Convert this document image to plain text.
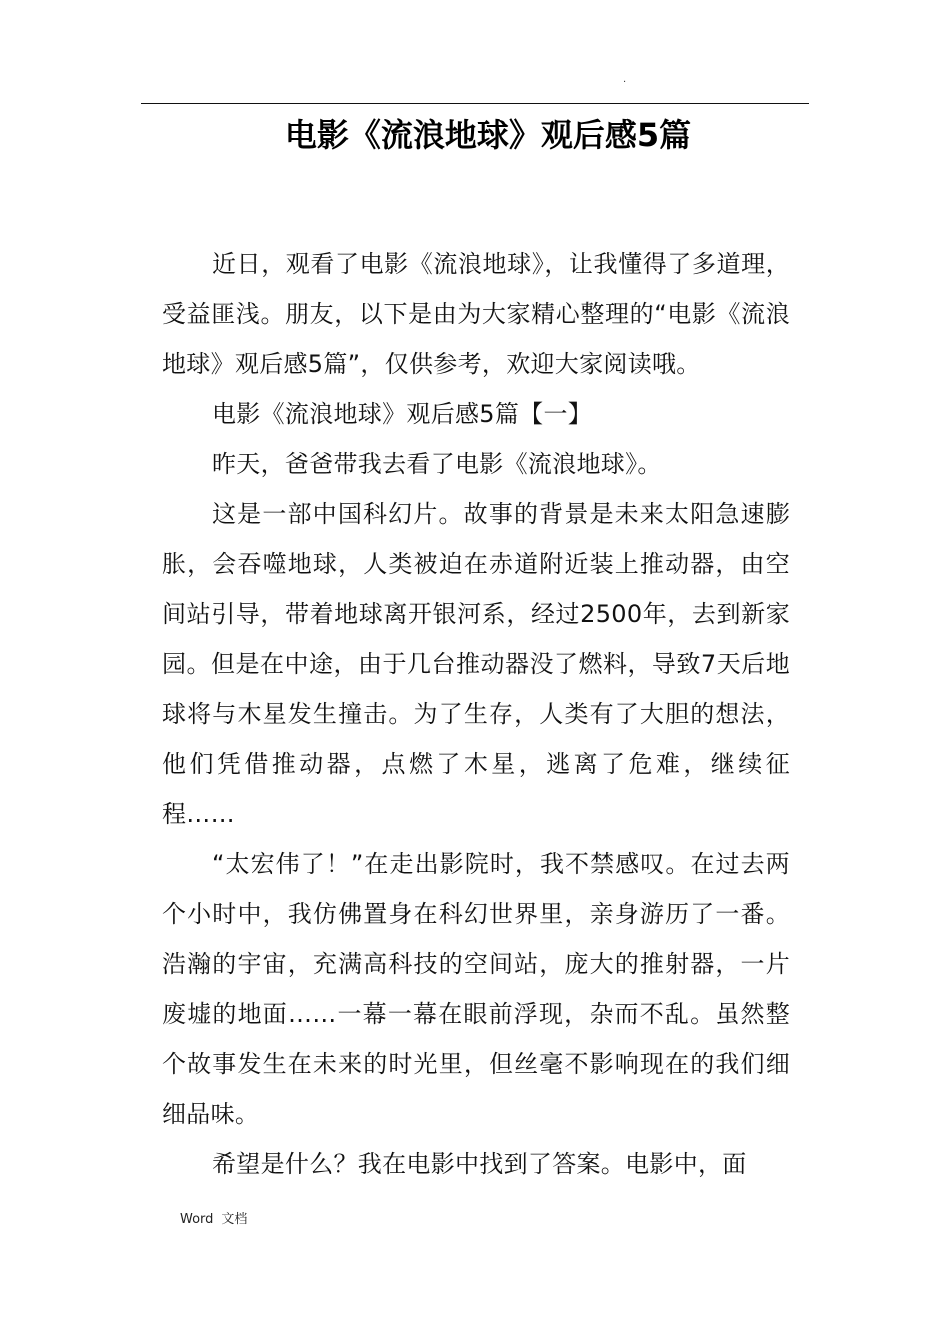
.
电影《流浪地球》观后感5篇

近日，观看了电影《流浪地球》，让我懂得了多道理，受益匪浅。朋友，以下是由为大家精心整理的“电影《流浪地球》观后感5篇”，仅供参考，欢迎大家阅读哦。

电影《流浪地球》观后感5篇【一】

昨天，爸爸带我去看了电影《流浪地球》。

这是一部中国科幻片。故事的背景是未来太阳急速膨胀，会吞噬地球，人类被迫在赤道附近装上推动器，由空间站引导，带着地球离开银河系，经过2500年，去到新家园。但是在中途，由于几台推动器没了燃料，导致7天后地球将与木星发生撞击。为了生存，人类有了大胆的想法，他们凭借推动器，点燃了木星，逃离了危难，继续征程……

“太宏伟了！”在走出影院时，我不禁感叹。在过去两个小时中，我仿佛置身在科幻世界里，亲身游历了一番。浩瀚的宇宙，充满高科技的空间站，庞大的推射器，一片废墟的地面……一幕一幕在眼前浮现，杂而不乱。虽然整个故事发生在未来的时光里，但丝毫不影响现在的我们细细品味。

希望是什么？我在电影中找到了答案。电影中，面

Word 文档
